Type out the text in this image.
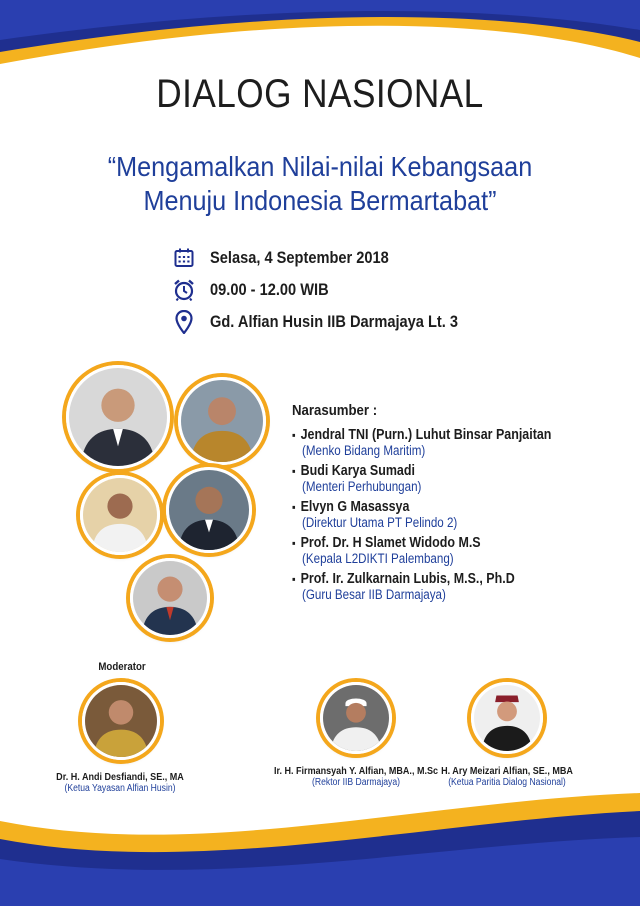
DIALOG NASIONAL
“Mengamalkan Nilai-nilai Kebangsaan
Menuju Indonesia Bermartabat”
Selasa, 4 September 2018
09.00 - 12.00 WIB
Gd. Alfian Husin IIB Darmajaya Lt. 3
Narasumber :
▪ Jendral TNI (Purn.) Luhut Binsar Panjaitan
(Menko Bidang Maritim)
▪ Budi Karya Sumadi
(Menteri Perhubungan)
▪ Elvyn G Masassya
(Direktur Utama PT Pelindo 2)
▪ Prof. Dr. H Slamet Widodo M.S
(Kepala L2DIKTI Palembang)
▪ Prof. Ir. Zulkarnain Lubis, M.S., Ph.D
(Guru Besar IIB Darmajaya)
Moderator
Dr. H. Andi Desfiandi, SE., MA
(Ketua Yayasan Alfian Husin)
Ir. H. Firmansyah Y. Alfian, MBA., M.Sc
(Rektor IIB Darmajaya)
H. Ary Meizari Alfian, SE., MBA
(Ketua Paritia Dialog Nasional)
